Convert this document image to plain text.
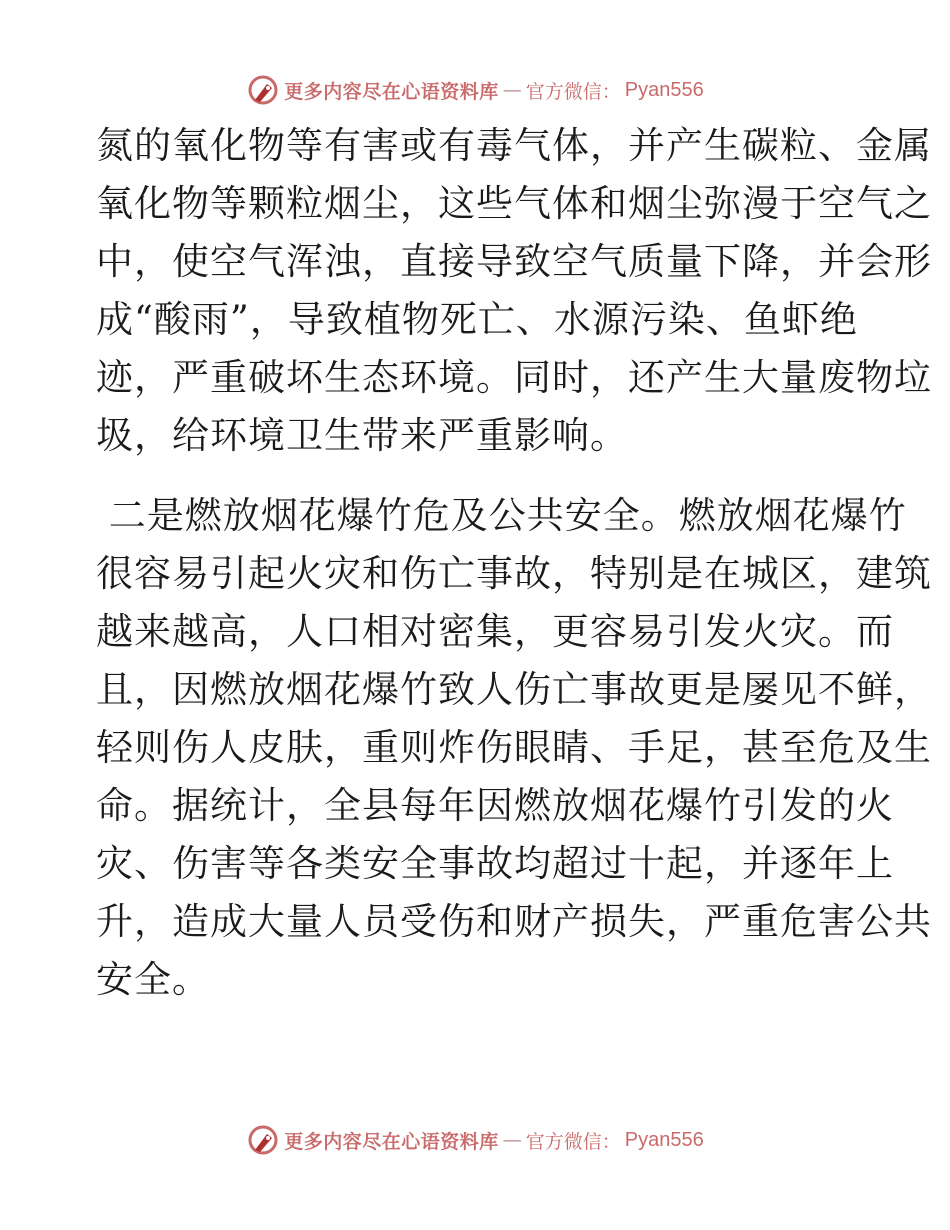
更多内容尽在心语资料库 — 官方微信： Pyan556
氮的氧化物等有害或有毒气体，并产生碳粒、金属
氧化物等颗粒烟尘，这些气体和烟尘弥漫于空气之
中，使空气浑浊，直接导致空气质量下降，并会形
成“酸雨”，导致植物死亡、水源污染、鱼虾绝
迹，严重破坏生态环境。同时，还产生大量废物垃
圾，给环境卫生带来严重影响。
二是燃放烟花爆竹危及公共安全。燃放烟花爆竹
很容易引起火灾和伤亡事故，特别是在城区，建筑
越来越高，人口相对密集，更容易引发火灾。而
且，因燃放烟花爆竹致人伤亡事故更是屡见不鲜，
轻则伤人皮肤，重则炸伤眼睛、手足，甚至危及生
命。据统计，全县每年因燃放烟花爆竹引发的火
灾、伤害等各类安全事故均超过十起，并逐年上
升，造成大量人员受伤和财产损失，严重危害公共
安全。
更多内容尽在心语资料库 — 官方微信： Pyan556
